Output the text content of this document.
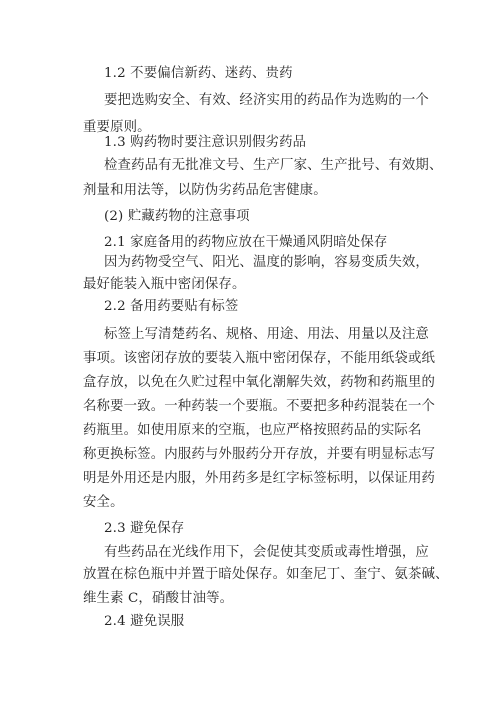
1.2 不要偏信新药、迷药、贵药
要把选购安全、有效、经济实用的药品作为选购的一个
重要原则。
1.3 购药物时要注意识别假劣药品
检查药品有无批准文号、生产厂家、生产批号、有效期、
剂量和用法等，以防伪劣药品危害健康。
(2) 贮藏药物的注意事项
2.1 家庭备用的药物应放在干燥通风阴暗处保存
因为药物受空气、阳光、温度的影响，容易变质失效，
最好能装入瓶中密闭保存。
2.2 备用药要贴有标签
标签上写清楚药名、规格、用途、用法、用量以及注意
事项。该密闭存放的要装入瓶中密闭保存，不能用纸袋或纸
盒存放，以免在久贮过程中氧化潮解失效，药物和药瓶里的
名称要一致。一种药装一个要瓶。不要把多种药混装在一个
药瓶里。如使用原来的空瓶，也应严格按照药品的实际名
称更换标签。内服药与外服药分开存放，并要有明显标志写
明是外用还是内服，外用药多是红字标签标明，以保证用药
安全。
2.3 避免保存
有些药品在光线作用下，会促使其变质或毒性增强，应
放置在棕色瓶中并置于暗处保存。如奎尼丁、奎宁、氨茶碱、
维生素 C，硝酸甘油等。
2.4 避免误服
